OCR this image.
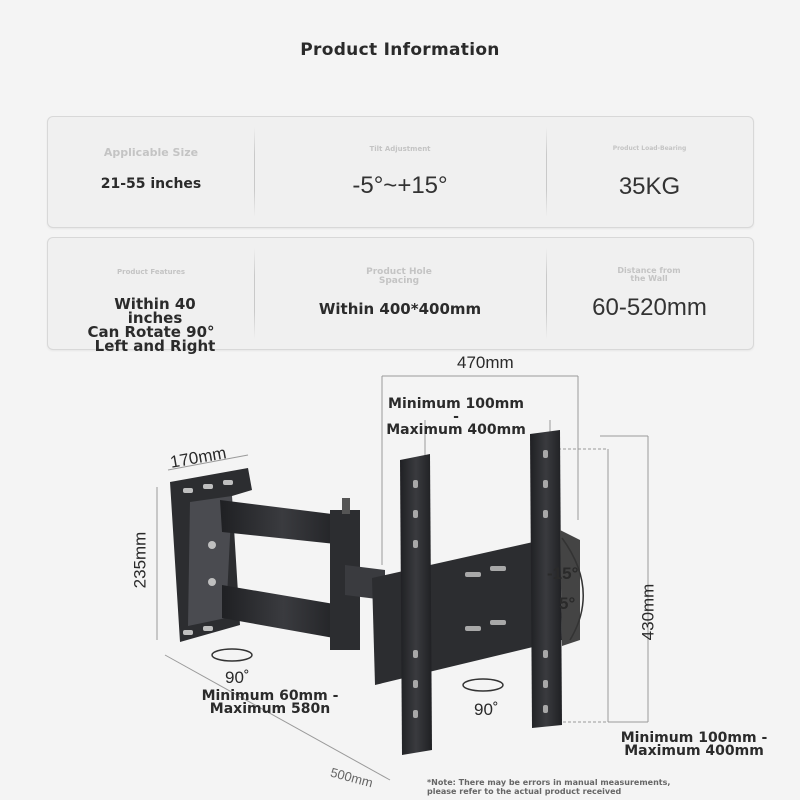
Product Information
Applicable Size
21-55 inches
Tilt Adjustment
-5°~+15°
Product Load-Bearing
35KG
Product Features
Within 40
inches
Can Rotate 90°
Left and Right
Product Hole Spacing
Within 400*400mm
Distance from the Wall
60-520mm
470mm
Minimum 100mm -
Maximum 400mm
170mm
235mm
90˚
90˚
-15°
5°	430mm
Minimum 60mm -
Maximum 580n
Minimum 100mm -
Maximum 400mm
500mm	*Note: There may be errors in manual measurements,
please refer to the actual product received
